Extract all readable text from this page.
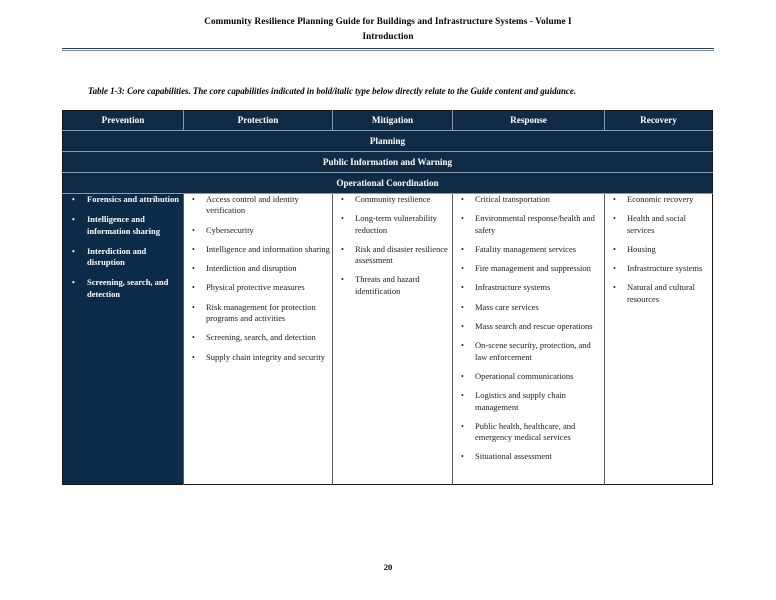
Community Resilience Planning Guide for Buildings and Infrastructure Systems - Volume I
Introduction
Table 1-3: Core capabilities. The core capabilities indicated in bold/italic type below directly relate to the Guide content and guidance.
Prevention	Protection	Mitigation	Response	Recovery
Planning				
Public Information and Warning				
Operational Coordination				

• Forensics and attribution
• Intelligence and information sharing
• Interdiction and disruption
• Screening, search, and detection

• Access control and identity verification
• Cybersecurity
• Intelligence and information sharing
• Interdiction and disruption
• Physical protective measures
• Risk management for protection programs and activities
• Screening, search, and detection
• Supply chain integrity and security

• Community resilience
• Long-term vulnerability reduction
• Risk and disaster resilience assessment
• Threats and hazard identification

• Critical transportation
• Environmental response/health and safety
• Fatality management services
• Fire management and suppression
• Infrastructure systems
• Mass care services
• Mass search and rescue operations
• On-scene security, protection, and law enforcement
• Operational communications
• Logistics and supply chain management
• Public health, healthcare, and emergency medical services
• Situational assessment

• Economic recovery
• Health and social services
• Housing
• Infrastructure systems
• Natural and cultural resources
20
